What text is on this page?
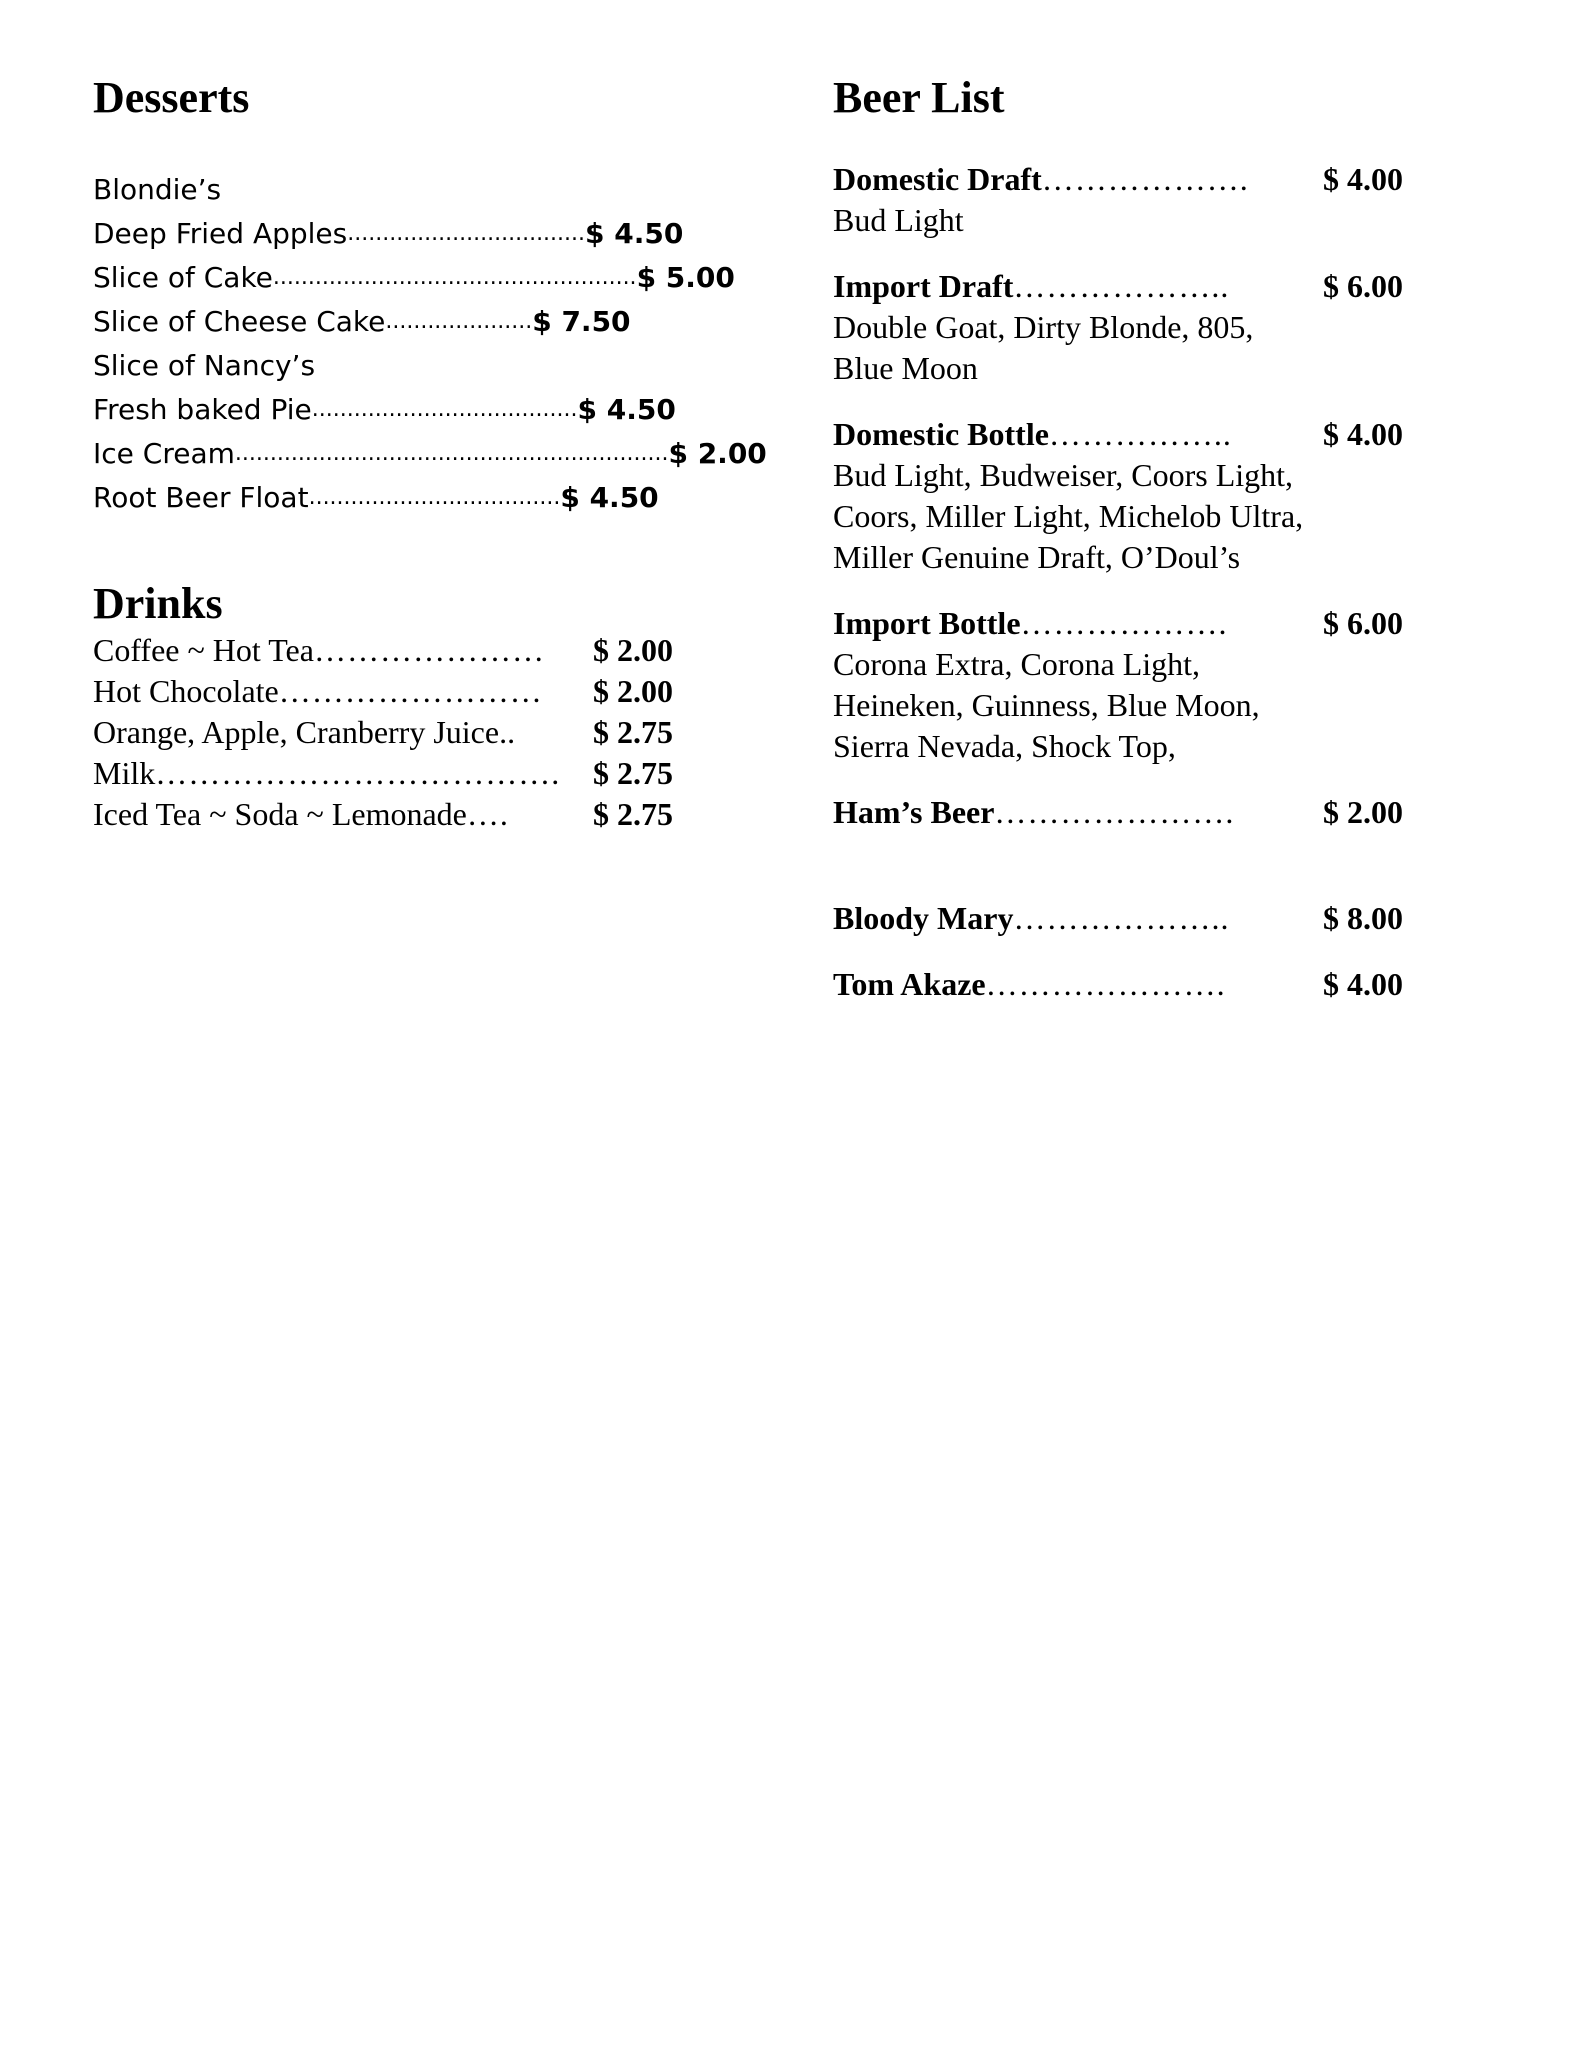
Desserts
Blondie’s
Deep Fried Apples .................................. $ 4.50
Slice of Cake .................................................... $ 5.00
Slice of Cheese Cake ..................... $ 7.50
Slice of Nancy’s
Fresh baked Pie ...................................... $ 4.50
Ice Cream .............................................................. $ 2.00
Root Beer Float .................................... $ 4.50
Drinks
Coffee ~ Hot Tea …………………	$ 2.00
Hot Chocolate ……………………	$ 2.00
Orange, Apple, Cranberry Juice.. $ 2.75
Milk ……………………………….	$ 2.75
Iced Tea ~ Soda ~ Lemonade ….	$ 2.75
Beer List
Domestic Draft ……………….	$ 4.00

Bud Light

Import Draft ………………..	$ 6.00

Double Goat, Dirty Blonde, 805,

Blue Moon

Domestic Bottle ……………..	$ 4.00

Bud Light, Budweiser, Coors Light,

Coors, Miller Light, Michelob Ultra,

Miller Genuine Draft, O’Doul’s

Import Bottle ……………….	$ 6.00

Corona Extra, Corona Light,

Heineken, Guinness, Blue Moon,

Sierra Nevada, Shock Top,

Ham’s Beer ………………….	$ 2.00
Bloody Mary ………………..	$ 8.00
Tom Akaze ………………….	$ 4.00
